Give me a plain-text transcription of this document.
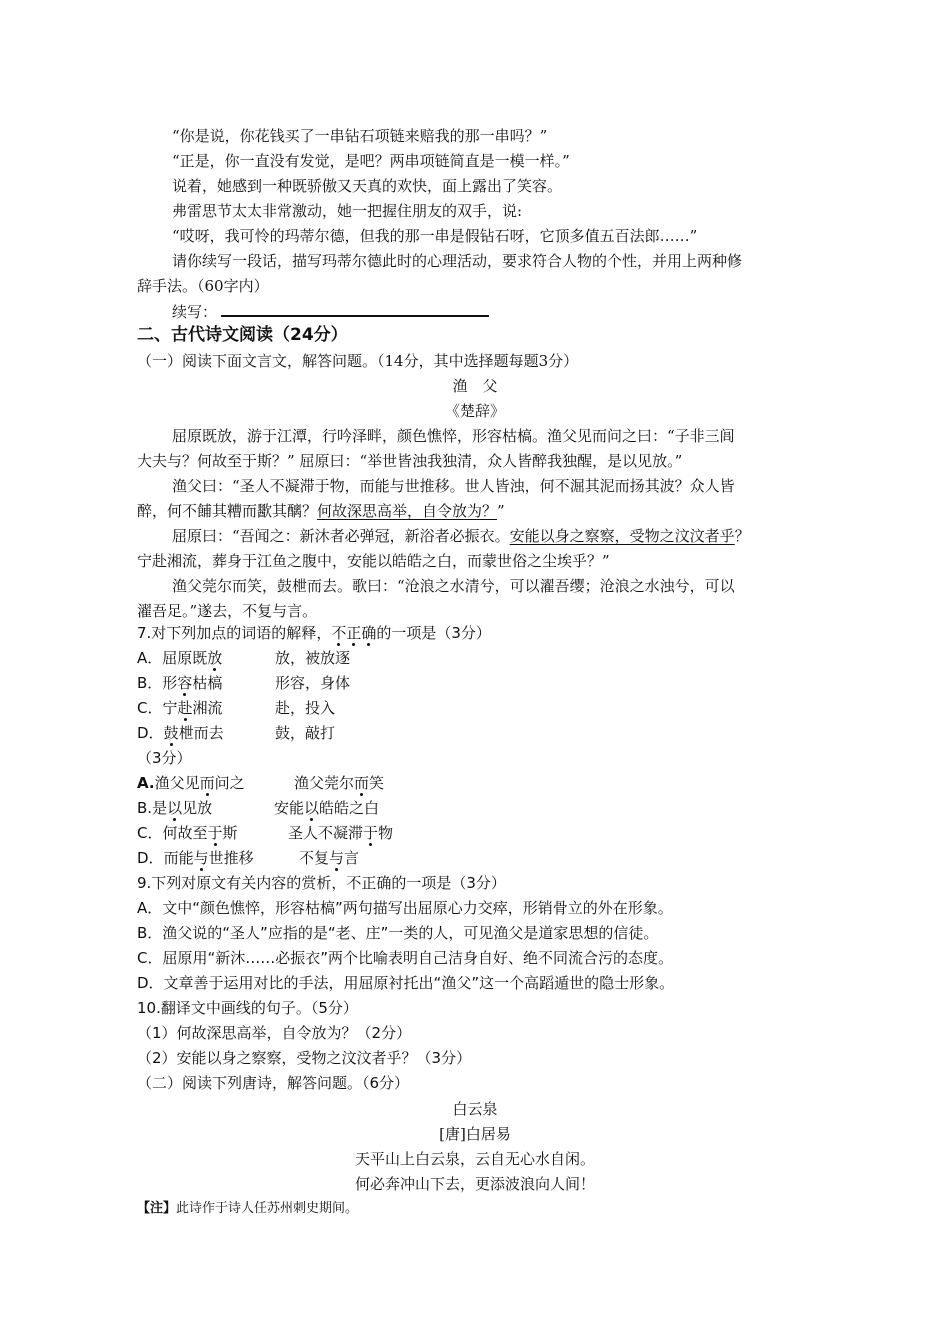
“你是说，你花钱买了一串钻石项链来赔我的那一串吗？”
“正是，你一直没有发觉，是吧？两串项链简直是一模一样。”
说着，她感到一种既骄傲又天真的欢快，面上露出了笑容。
弗雷思节太太非常激动，她一把握住朋友的双手，说:
“哎呀，我可怜的玛蒂尔德，但我的那一串是假钻石呀，它顶多值五百法郎……”
请你续写一段话，描写玛蒂尔德此时的心理活动，要求符合人物的个性，并用上两种修
辞手法。（60字内）
续写：
二、古代诗文阅读（24分）
（一）阅读下面文言文，解答问题。（14分，其中选择题每题3分）
渔　父
《楚辞》
屈原既放，游于江潭，行吟泽畔，颜色憔悴，形容枯槁。渔父见而问之曰：“子非三闾
大夫与？何故至于斯？” 屈原曰：“举世皆浊我独清，众人皆醉我独醒，是以见放。”
渔父曰：“圣人不凝滞于物，而能与世推移。世人皆浊，何不淈其泥而扬其波？众人皆
醉，何不餔其糟而歠其醨？何故深思高举，自令放为？”
屈原曰：“吾闻之：新沐者必弹冠，新浴者必振衣。安能以身之察察，受物之汶汶者乎？
宁赴湘流，葬身于江鱼之腹中，安能以皓皓之白，而蒙世俗之尘埃乎？”
渔父莞尔而笑，鼓枻而去。歌曰：“沧浪之水清兮，可以濯吾缨；沧浪之水浊兮，可以
濯吾足。”遂去，不复与言。
7.对下列加点的词语的解释，不正确的一项是（3分）
A．屈原既放	放，被放逐
B．形容枯槁	形容，身体
C．宁赴湘流	赴，投入
D．鼓枻而去	鼓，敲打
（3分）
A.渔父见而问之	渔父莞尔而笑
B.是以见放	安能以皓皓之白
C．何故至于斯	圣人不凝滞于物
D．而能与世推移	不复与言
9.下列对原文有关内容的赏析，不正确的一项是（3分）
A．文中“颜色憔悴，形容枯槁”两句描写出屈原心力交瘁，形销骨立的外在形象。
B．渔父说的“圣人”应指的是“老、庄”一类的人，可见渔父是道家思想的信徒。
C．屈原用“新沐……必振衣”两个比喻表明自己洁身自好、绝不同流合污的态度。
D．文章善于运用对比的手法，用屈原衬托出“渔父”这一个高蹈遁世的隐士形象。
10.翻译文中画线的句子。（5分）
（1）何故深思高举，自令放为？（2分）
（2）安能以身之察察，受物之汶汶者乎？（3分）
（二）阅读下列唐诗，解答问题。（6分）
白云泉
[唐]白居易
天平山上白云泉，云自无心水自闲。
何必奔冲山下去，更添波浪向人间！
【注】此诗作于诗人任苏州刺史期间。
